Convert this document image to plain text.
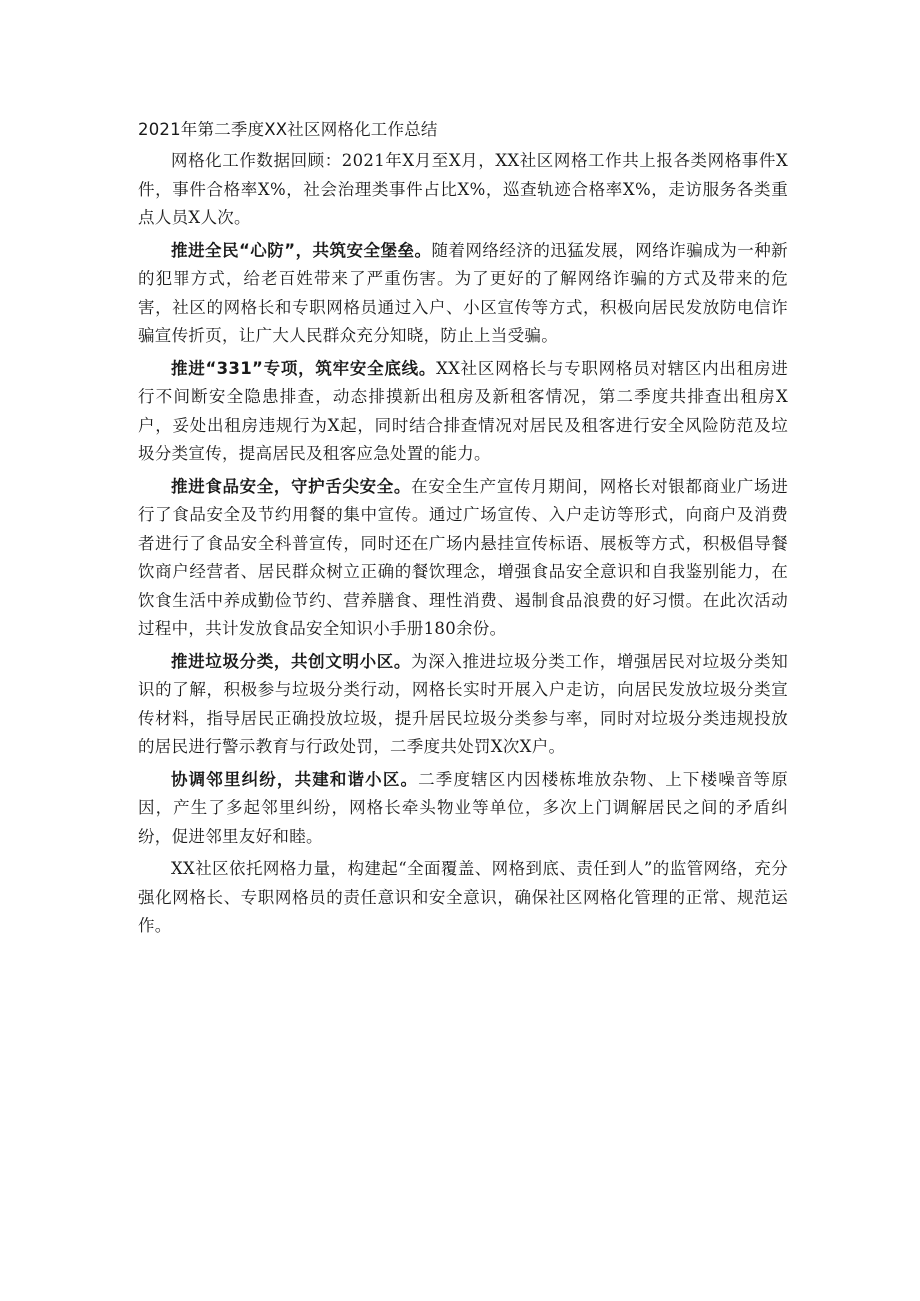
2021年第二季度XX社区网格化工作总结

网格化工作数据回顾：2021年X月至X月，XX社区网格工作共上报各类网格事件X件，事件合格率X%，社会治理类事件占比X%，巡查轨迹合格率X%，走访服务各类重点人员X人次。

推进全民“心防”，共筑安全堡垒。随着网络经济的迅猛发展，网络诈骗成为一种新的犯罪方式，给老百姓带来了严重伤害。为了更好的了解网络诈骗的方式及带来的危害，社区的网格长和专职网格员通过入户、小区宣传等方式，积极向居民发放防电信诈骗宣传折页，让广大人民群众充分知晓，防止上当受骗。

推进“331”专项，筑牢安全底线。XX社区网格长与专职网格员对辖区内出租房进行不间断安全隐患排查，动态排摸新出租房及新租客情况，第二季度共排查出租房X户，妥处出租房违规行为X起，同时结合排查情况对居民及租客进行安全风险防范及垃圾分类宣传，提高居民及租客应急处置的能力。

推进食品安全，守护舌尖安全。在安全生产宣传月期间，网格长对银都商业广场进行了食品安全及节约用餐的集中宣传。通过广场宣传、入户走访等形式，向商户及消费者进行了食品安全科普宣传，同时还在广场内悬挂宣传标语、展板等方式，积极倡导餐饮商户经营者、居民群众树立正确的餐饮理念，增强食品安全意识和自我鉴别能力，在饮食生活中养成勤俭节约、营养膳食、理性消费、遏制食品浪费的好习惯。在此次活动过程中，共计发放食品安全知识小手册180余份。

推进垃圾分类，共创文明小区。为深入推进垃圾分类工作，增强居民对垃圾分类知识的了解，积极参与垃圾分类行动，网格长实时开展入户走访，向居民发放垃圾分类宣传材料，指导居民正确投放垃圾，提升居民垃圾分类参与率，同时对垃圾分类违规投放的居民进行警示教育与行政处罚，二季度共处罚X次X户。

协调邻里纠纷，共建和谐小区。二季度辖区内因楼栋堆放杂物、上下楼噪音等原因，产生了多起邻里纠纷，网格长牵头物业等单位，多次上门调解居民之间的矛盾纠纷，促进邻里友好和睦。

XX社区依托网格力量，构建起“全面覆盖、网格到底、责任到人”的监管网络，充分强化网格长、专职网格员的责任意识和安全意识，确保社区网格化管理的正常、规范运作。
